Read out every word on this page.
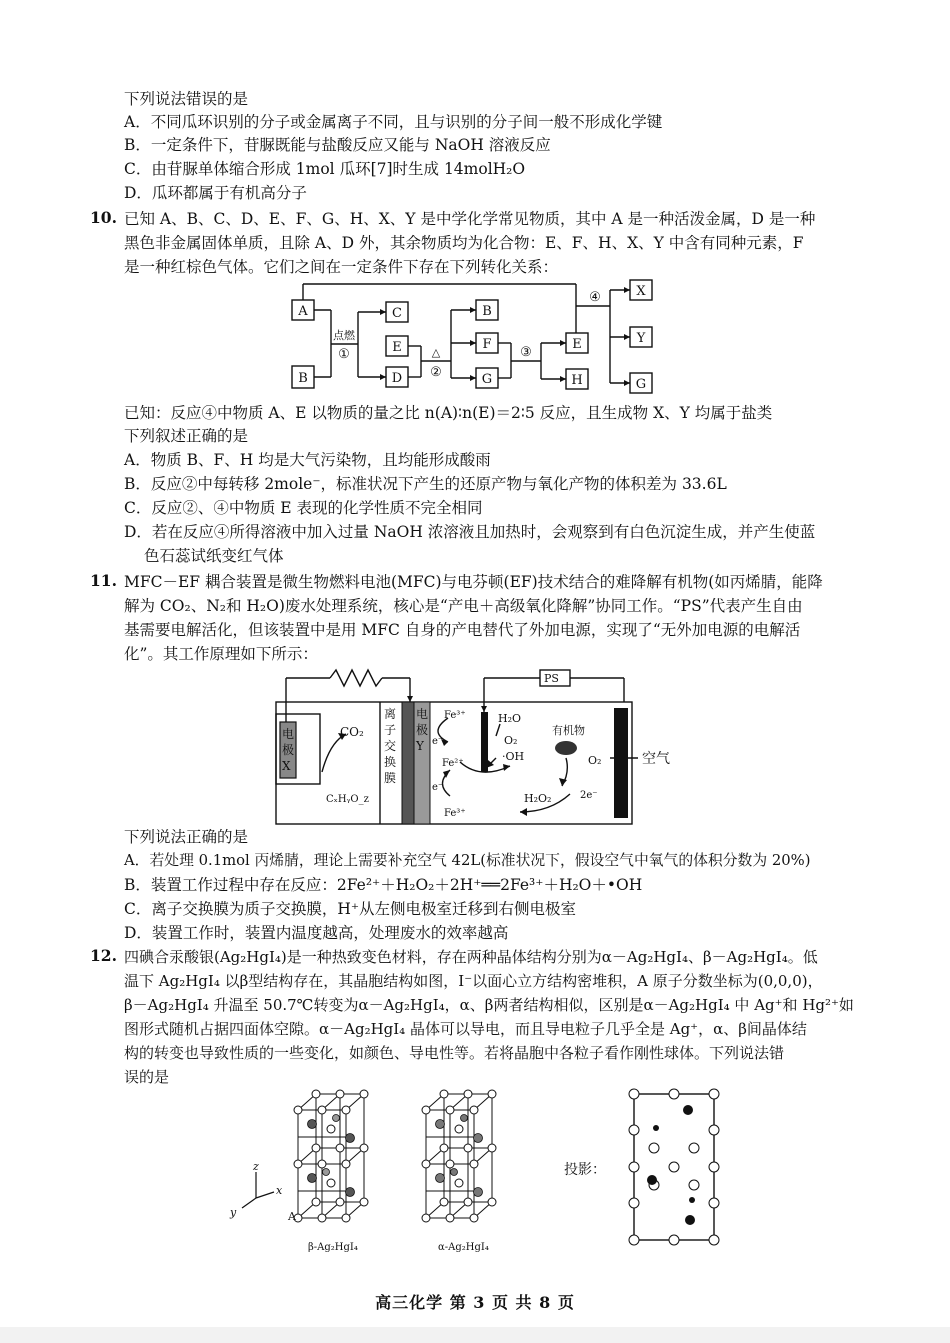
下列说法错误的是
A．不同瓜环识别的分子或金属离子不同，且与识别的分子间一般不形成化学键
B．一定条件下，苷脲既能与盐酸反应又能与 NaOH 溶液反应
C．由苷脲单体缩合形成 1mol 瓜环[7]时生成 14molH₂O
D．瓜环都属于有机高分子
10. 已知 A、B、C、D、E、F、G、H、X、Y 是中学化学常见物质，其中 A 是一种活泼金属，D 是一种
黑色非金属固体单质，且除 A、D 外，其余物质均为化合物：E、F、H、X、Y 中含有同种元素，F
是一种红棕色气体。它们之间在一定条件下存在下列转化关系：
A
B
C
E
D
B
F
G
E
H
X
Y
G
点燃
①	△
②
③
④
已知：反应④中物质 A、E 以物质的量之比 n(A)∶n(E)＝2∶5 反应，且生成物 X、Y 均属于盐类
下列叙述正确的是
A．物质 B、F、H 均是大气污染物，且均能形成酸雨
B．反应②中每转移 2mole⁻，标准状况下产生的还原产物与氧化产物的体积差为 33.6L
C．反应②、④中物质 E 表现的化学性质不完全相同
D．若在反应④所得溶液中加入过量 NaOH 浓溶液且加热时，会观察到有白色沉淀生成，并产生使蓝
色石蕊试纸变红气体
11. MFC－EF 耦合装置是微生物燃料电池(MFC)与电芬顿(EF)技术结合的难降解有机物(如丙烯腈，能降
解为 CO₂、N₂和 H₂O)废水处理系统，核心是“产电＋高级氧化降解”协同工作。“PS”代表产生自由
基需要电解活化，但该装置中是用 MFC 自身的产电替代了外加电源，实现了“无外加电源的电解活
化”。其工作原理如下所示：
电
极
X
离
子
交
换
膜
电
极
Y
PS
CO₂
CₓHᵧO_z
e⁻
e⁻
Fe³⁺
Fe²⁺
Fe³⁺
H₂O
O₂
·OH
有机物
O₂
H₂O₂	2e⁻
空气
下列说法正确的是
A．若处理 0.1mol 丙烯腈，理论上需要补充空气 42L(标准状况下，假设空气中氧气的体积分数为 20%)
B．装置工作过程中存在反应：2Fe²⁺＋H₂O₂＋2H⁺══2Fe³⁺＋H₂O＋•OH
C．离子交换膜为质子交换膜，H⁺从左侧电极室迁移到右侧电极室
D．装置工作时，装置内温度越高，处理废水的效率越高
12. 四碘合汞酸银(Ag₂HgI₄)是一种热致变色材料，存在两种晶体结构分别为α－Ag₂HgI₄、β－Ag₂HgI₄。低
温下 Ag₂HgI₄ 以β型结构存在，其晶胞结构如图，I⁻以面心立方结构密堆积，A 原子分数坐标为(0,0,0)，
β－Ag₂HgI₄ 升温至 50.7℃转变为α－Ag₂HgI₄，α、β两者结构相似，区别是α－Ag₂HgI₄ 中 Ag⁺和 Hg²⁺如
图形式随机占据四面体空隙。α－Ag₂HgI₄ 晶体可以导电，而且导电粒子几乎全是 Ag⁺，α、β间晶体结
构的转变也导致性质的一些变化，如颜色、导电性等。若将晶胞中各粒子看作刚性球体。下列说法错
误的是
z
x
y	A
β-Ag₂HgI₄	α-Ag₂HgI₄
投影：
高三化学 第 3 页 共 8 页
